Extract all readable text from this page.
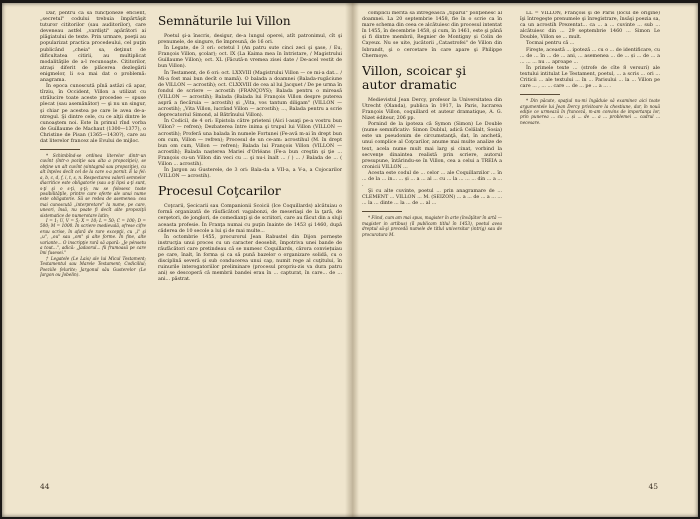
Dar, pentru ca să funcţioneze eficient, „secretul" codului trebuia împărtăşit tuturor cititorilor (sau auditorilor), care deveneau astfel „vardişti" apărători ai plăgiatului de texte. Prin urmare, poeţii au popularizat practica procedeului, cel puţin publicând „cheia" sa, deţinut de dificultatea citirii, au multiplicat modalităţile de a-l recunoaşte. Cititorilor, atraşi diferit de plăcerea dezlegării enigmelor, li s-a mai dat o problemă: anagrama.

În epoca cunoscută pînă astăzi că apar, tîrziu, în Occident, Villon a utilizat cu strălucire toate aceste procedee — spuse plecat (sau asemănător) — şi nu un singur, şi chiar pe acestea pe care le avea de-a-ntregul. Şi dintre cele, cu ce alţii dintre le cunoaştem noi. Este în primul rînd vorba de Guillaume de Machaut (1300—1377), o Christine de Pisan (1365—1430?), care au dat literelor francez ale Evului de mijloc.

* Schimbînd-se ordinea literelor dintr-un cuvînt (într-o poziţie sau alta a propoziţiei), se obţine un alt cuvînt (sintagmă sau propoziţie), cu alt înţeles decît cel de la care s-a pornit. E la fel: a, b, c, d, f, i, t, s, n. Respectarea valorii semnelor diacritice este obligatorie (sau a-ţi lipsi a-ţi sunt, s-ţi şi o s-ţi, ş-ţi; nu se folosesc toate posibilităţile, printre care oferte ale unui nume este obligatorie. Să se redea de asemenea: cea mai cunoscută „interpretare" la nume, pe care, uneori, însă, nu poate fi decît alte propoziţii sistematice de numerotare latin;

I = 1; U, V = 5; X = 10; L = 50; C = 100; D = 500; M = 1000. În scriere medievală, ofrese cifre erau scrise, în afară de rare excepţii, cu „i" şi „u", „ou" sau „om" şi alte forme. În fine, alte variante... O inscripţie rară să apară: „Je pénsetu a tout...", adică: „Jadaorul... fii frumoasă pe care îmi fusesei."

† Legatele (Le Lais) ale lui Micul Testament; Testamentul sau Marele Testament; Codicillul; Poeziile felurite; Jargonul său Gusterelor (Le Jargon ou Jobelin).

Semnăturile lui Villon

Poetul şi-a înscris, desigur, de-a lungul operei, atît patronimul, cît şi prenumele, de singure, fie împreună, de 16 ori.

În Legate, de 3 ori: octetul I (An patru sute cinci zeci şi şase, / Eu, François Villon, şcolar); oct. IX (La Kaima mea în întristare, / Magistrului Guillaume Villon); oct. XL (Făcută-n vremea zisei date / De-acel vestit de bun Villon).

În Testament, de 6 ori: oct. LXXVIII (Magistrului Villon — ce mi-a dat... / Mi-a fost mai bun decît o mamă). O balada a doamnei (Balada-rugăciune de VILLON — acrostih); oct. CLXXVIII de cea al lui Jacquet / De pe urma în fondul de scriere — acrostih (FRANÇOYS); Balada pentru o mireasă (VILLON — acrostih); Balada (Balada lui François Villon despre puterea aspră a fiecăruia — acrostih) și „Vita, vos tantum diligam" (VILLON — acrostih); „Vita Villon, lucrând Villon — acrostih); ..., Balada pentru a scrie deprecatoriul Simond, al Bătrînului Villon).

În Codicil, de 4 ori: Epistola către prieteni (Aici l-asaţi pe-a vostru bun Villon? — refren); Dezbaterea între inima şi trupul lui Villon (VILLON — acrostih); Proferă una balada în numele Fortunei (Fe-avă m-ai în drept bun om cum, Villon — refren); Procesul de un ce-am: acrostihul (M. în drept bun om cum, Villon — refren); Balada lui François Villon (VILLON — acrostih); Balada nașterea Mariei d'Orléans (Fe-a bun creştin şi ţie ... François cu-un Villon din veci cu ... şi nu-i înalt ... / ) ... / Balada de ... ( Villon ... acrostih).

În Jargon au Gusterele, de 3 ori: Bala-da a VII-a, a V-a, a Cojocarilor (VILLON — acrostih).

Procesul Coţcarilor

Coţcarii, Şecicarii sau Companionii Scoicii (Ice Coquillards) alcătuiau o formă organizată de răufăcători vagabonzi, de meseriaşi de la ţară, de cerşetori, de jonglori, de comedianţi şi de scriitori, care au făcut din a sluji aceasta profesie. În Franţa numai cu puţin înainte de 1453 şi 1460, după căderea de 10 secole a lui şi de mai multe...

În octombrie 1455, procurorul Jean Rabustel din Dijon pornește instrucţia unui proces cu un caracter deosebit, împotriva unei bande de răufăcători care pretindeau că se numesc Coquillards, cărora conviețuiau pe care, înalt, în forma și ca să pună bazelor o organizare solidă, cu o disciplină severă și sub conducerea unui cap, numit rege al cuţitului, în ruinurile interogatoriilor preliminare (procesul propriu-zis va dura patru ani) se descoperă că membrii bandei erau în ... capturat, în care... de ... ani... păstrat.

44

complicii merită să întregească „tiparul" poliţienesc al doamnei. La 20 septembrie 1458, fie în o scrie ca în mare schema din ceea ce alcătuiesc din procesul intentat în 1455, în decembrie 1458, şi cum, în 1461, este şi până și fi dintre membrii, Regnier de Montigny și Colin de Cayeux. Nu se uite, jucătorii „Catastrofei" de Villon din Isbrandt, şi o cercetare în care apare şi Philippe Chermoye.

Villon, scoicar şi autor dramatic

Medievistul Jean Dercy, profesor la Universitatea din Utrecht (Olanda), publica în 1917, la Paris, lucrarea François Villon, coquillard et auteur dramatique, A. G. Nizet éditeur, 206 pp.

Pornind de la ipoteza că Symon (Simon) Le Double (nume semnificativ: Simon Dublul, adică Celălalt, Sosia) este un pseudonim de circumstanţă, dat, în anchetă, unui complice al Coţcarilor, anume mai multe analize de text, acela nume mult mai larg și cinat, vorbind la secvenţe dinaintea realistă prin scriere, autorul presupune, întărindu-se în Villon, cea a celui a TREIA a cronicii VILLON ...

Acesta este codul de ... celor ... ale Coquillarzilor ... în ... de la ... in... ... și ... a ... al ... cu ... la ... ... ... din ... a ... .

Şi cu alte cuvinte, poetul ... prin anagramare de ... CLEMENT ... VILLON ... M. (SEIZON) ... a ... de ... a ... ... ... la ... dinte ... la ... de ... al ...

* Fiind, cum am mai spus, magister în arte (învăţător în artă — magister in artibus) (îl publicam titlul în 1453), poetul avea dreptul să-şi precedă numele de titlul universitar (intrig) sau de procuratura M.

LL = VILLON, François şi de Paris (locul de origine) îşi întregeşte prenumele şi înregistrare, însăşi poezia sa, ca un acrostih Prezentat... ca ... a ... cuvinte ... sub ... alcătuiesc din ... 29 septembrie 1460 ... Simon Le Double, Villon se ... mult.

Tocmai pentru că ...

Fireşte, această ... ipoteză ... cu o ... de identificare, cu ... de ... în ... de ... ani, ... asemenea ... de ... și ... de ... a ... ... ... nu ... aproape ...

În primele texte ... (strofe de cîte 8 versuri) ale textului intitulat Le Testament, poetul, ... a scris ... ori ... Criticii ... ale textului ... în ... Parisului ... la ... Villon pe care ... , ... ... care ... de ... pe ... a ... .

* Din păcate, spaţiul nu-mi îngăduie să examinez aici toate argumentele lui Jean Dercy privitoare la chestiune, dar, în nouă ediţie ce urmează în franceză, m-am convins de importanţa lor, prin punerea ... cu ... și ... de ... a ... problemei ... cadrul ... necesare.

45
